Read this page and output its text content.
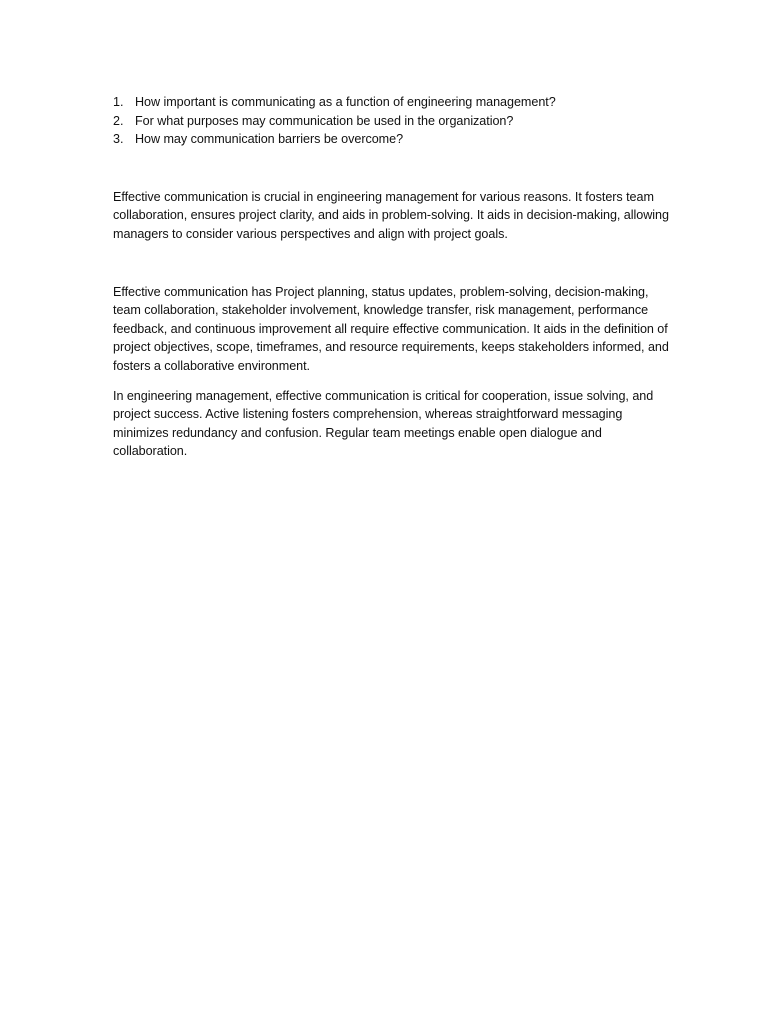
1. How important is communicating as a function of engineering management?
2. For what purposes may communication be used in the organization?
3. How may communication barriers be overcome?

Effective communication is crucial in engineering management for various reasons. It fosters team collaboration, ensures project clarity, and aids in problem-solving. It aids in decision-making, allowing managers to consider various perspectives and align with project goals.

Effective communication has Project planning, status updates, problem-solving, decision-making, team collaboration, stakeholder involvement, knowledge transfer, risk management, performance feedback, and continuous improvement all require effective communication. It aids in the definition of project objectives, scope, timeframes, and resource requirements, keeps stakeholders informed, and fosters a collaborative environment.

In engineering management, effective communication is critical for cooperation, issue solving, and project success. Active listening fosters comprehension, whereas straightforward messaging minimizes redundancy and confusion. Regular team meetings enable open dialogue and collaboration.
